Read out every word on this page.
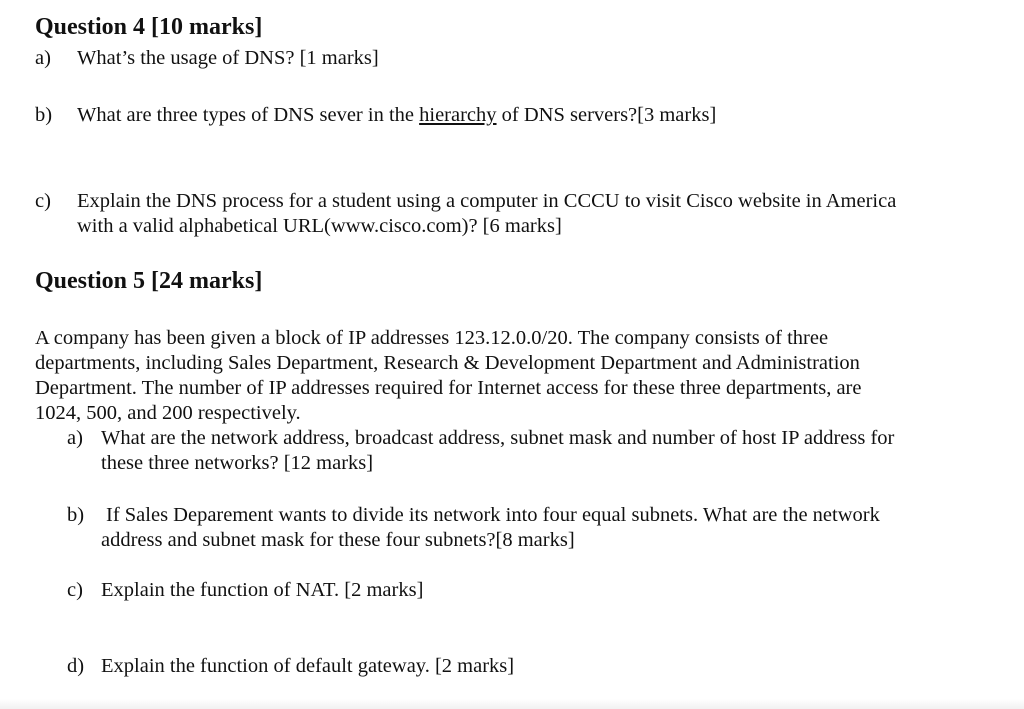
Question 4 [10 marks]
a) What’s the usage of DNS? [1 marks]
b) What are three types of DNS sever in the hierarchy of DNS servers?[3 marks]
c) Explain the DNS process for a student using a computer in CCCU to visit Cisco website in America
with a valid alphabetical URL(www.cisco.com)? [6 marks]
Question 5 [24 marks]
A company has been given a block of IP addresses 123.12.0.0/20. The company consists of three
departments, including Sales Department, Research & Development Department and Administration
Department. The number of IP addresses required for Internet access for these three departments, are
1024, 500, and 200 respectively.
a) What are the network address, broadcast address, subnet mask and number of host IP address for
these three networks? [12 marks]
b) If Sales Deparement wants to divide its network into four equal subnets. What are the network
address and subnet mask for these four subnets?[8 marks]
c) Explain the function of NAT. [2 marks]
d) Explain the function of default gateway. [2 marks]
